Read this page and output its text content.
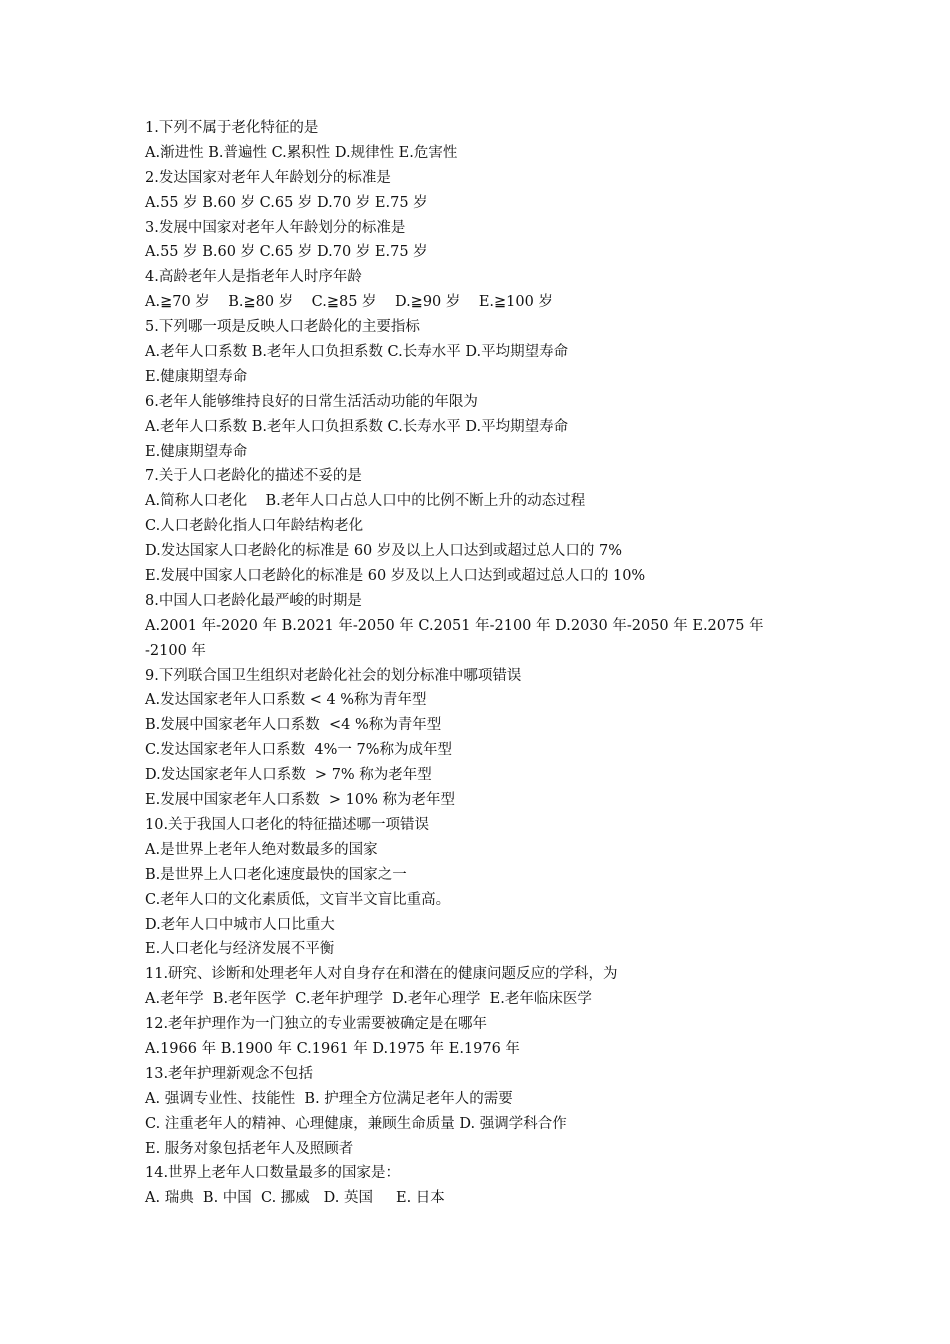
1.下列不属于老化特征的是
A.渐进性 B.普遍性 C.累积性 D.规律性 E.危害性
2.发达国家对老年人年龄划分的标准是
A.55 岁 B.60 岁 C.65 岁 D.70 岁 E.75 岁
3.发展中国家对老年人年龄划分的标准是
A.55 岁 B.60 岁 C.65 岁 D.70 岁 E.75 岁
4.高龄老年人是指老年人时序年龄
A.≧70 岁    B.≧80 岁    C.≧85 岁    D.≧90 岁    E.≧100 岁
5.下列哪一项是反映人口老龄化的主要指标
A.老年人口系数 B.老年人口负担系数 C.长寿水平 D.平均期望寿命
E.健康期望寿命
6.老年人能够维持良好的日常生活活动功能的年限为
A.老年人口系数 B.老年人口负担系数 C.长寿水平 D.平均期望寿命
E.健康期望寿命
7.关于人口老龄化的描述不妥的是
A.简称人口老化    B.老年人口占总人口中的比例不断上升的动态过程
C.人口老龄化指人口年龄结构老化
D.发达国家人口老龄化的标准是 60 岁及以上人口达到或超过总人口的 7%
E.发展中国家人口老龄化的标准是 60 岁及以上人口达到或超过总人口的 10%
8.中国人口老龄化最严峻的时期是
A.2001 年-2020 年 B.2021 年-2050 年 C.2051 年-2100 年 D.2030 年-2050 年 E.2075 年
-2100 年
9.下列联合国卫生组织对老龄化社会的划分标准中哪项错误
A.发达国家老年人口系数 < 4 %称为青年型
B.发展中国家老年人口系数  <4 %称为青年型
C.发达国家老年人口系数  4%一 7%称为成年型
D.发达国家老年人口系数  > 7% 称为老年型
E.发展中国家老年人口系数  > 10% 称为老年型
10.关于我国人口老化的特征描述哪一项错误
A.是世界上老年人绝对数最多的国家
B.是世界上人口老化速度最快的国家之一
C.老年人口的文化素质低，文盲半文盲比重高。
D.老年人口中城市人口比重大
E.人口老化与经济发展不平衡
11.研究、诊断和处理老年人对自身存在和潜在的健康问题反应的学科，为
A.老年学  B.老年医学  C.老年护理学  D.老年心理学  E.老年临床医学
12.老年护理作为一门独立的专业需要被确定是在哪年
A.1966 年 B.1900 年 C.1961 年 D.1975 年 E.1976 年
13.老年护理新观念不包括
A. 强调专业性、技能性  B. 护理全方位满足老年人的需要
C. 注重老年人的精神、心理健康，兼顾生命质量 D. 强调学科合作
E. 服务对象包括老年人及照顾者
14.世界上老年人口数量最多的国家是：
A. 瑞典  B. 中国  C. 挪威   D. 英国     E. 日本
